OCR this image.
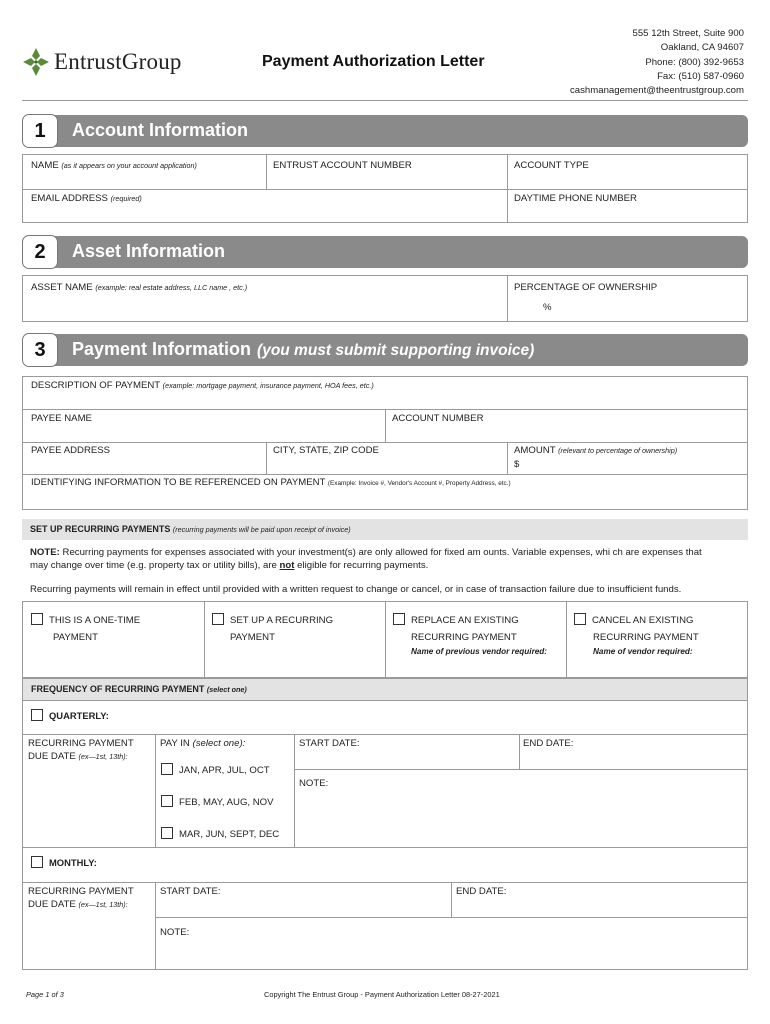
EntrustGroup	Payment Authorization Letter
555 12th Street, Suite 900
Oakland, CA 94607
Phone: (800) 392-9653
Fax: (510) 587-0960
cashmanagement@theentrustgroup.com
1	Account Information
NAME (as it appears on your account application)	ENTRUST ACCOUNT NUMBER	ACCOUNT TYPE
EMAIL ADDRESS (required)	DAYTIME PHONE NUMBER
2	Asset Information
ASSET NAME (example: real estate address, LLC name , etc.)	PERCENTAGE OF OWNERSHIP
%
3	Payment Information (you must submit supporting invoice)
DESCRIPTION OF PAYMENT (example: mortgage payment, insurance payment, HOA fees, etc.)
PAYEE NAME	ACCOUNT NUMBER
PAYEE ADDRESS	CITY, STATE, ZIP CODE	AMOUNT (relevant to percentage of ownership)
$
IDENTIFYING INFORMATION TO BE REFERENCED ON PAYMENT (Example: Invoice #, Vendor's Account #, Property Address, etc.)
SET UP RECURRING PAYMENTS (recurring payments will be paid upon receipt of invoice)
NOTE: Recurring payments for expenses associated with your investment(s) are only allowed for fixed am ounts. Variable expenses, whi ch are expenses that
may change over time (e.g. property tax or utility bills), are not eligible for recurring payments.
Recurring payments will remain in effect until provided with a written request to change or cancel, or in case of transaction failure due to insufficient funds.
THIS IS A ONE-TIME
PAYMENT
SET UP A RECURRING
PAYMENT
REPLACE AN EXISTING
RECURRING PAYMENT
Name of previous vendor required:
CANCEL AN EXISTING
RECURRING PAYMENT
Name of vendor required:
FREQUENCY OF RECURRING PAYMENT (select one)
QUARTERLY:
RECURRING PAYMENT
DUE DATE (ex—1st, 13th):
PAY IN (select one):
JAN, APR, JUL, OCT
FEB, MAY, AUG, NOV
MAR, JUN, SEPT, DEC
START DATE:	END DATE:
NOTE:
MONTHLY:
RECURRING PAYMENT
DUE DATE (ex—1st, 13th):
START DATE:	END DATE:
NOTE:
Page 1 of 3	Copyright The Entrust Group - Payment Authorization Letter 08-27-2021
